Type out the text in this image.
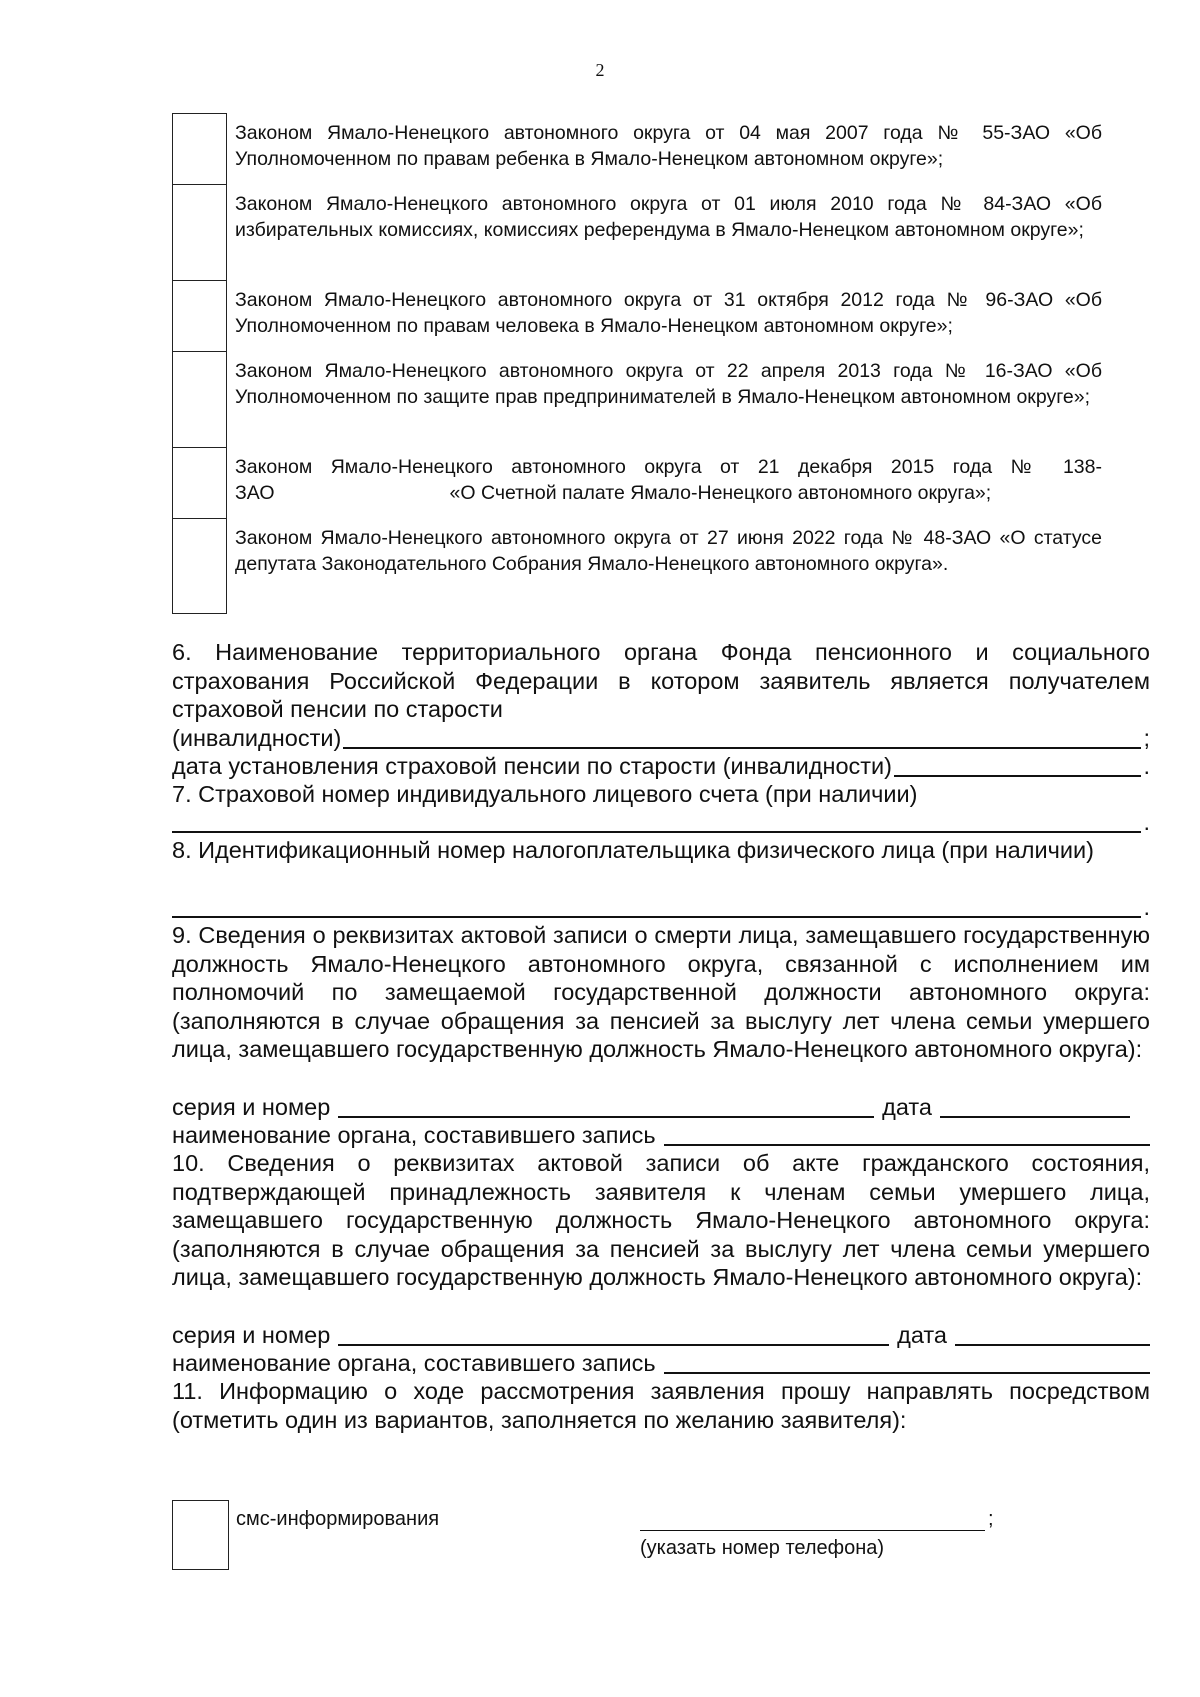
2
Законом Ямало-Ненецкого автономного округа от 04 мая 2007 года № 55-ЗАО «Об Уполномоченном по правам ребенка в Ямало-Ненецком автономном округе»;
Законом Ямало-Ненецкого автономного округа от 01 июля 2010 года № 84-ЗАО «Об избирательных комиссиях, комиссиях референдума в Ямало-Ненецком автономном округе»;
Законом Ямало-Ненецкого автономного округа от 31 октября 2012 года № 96-ЗАО «Об Уполномоченном по правам человека в Ямало-Ненецком автономном округе»;
Законом Ямало-Ненецкого автономного округа от 22 апреля 2013 года № 16-ЗАО «Об Уполномоченном по защите прав предпринимателей в Ямало-Ненецком автономном округе»;
Законом Ямало-Ненецкого автономного округа от 21 декабря 2015 года № 138-
ЗАО	«О Счетной палате Ямало-Ненецкого автономного округа»;
Законом Ямало-Ненецкого автономного округа от 27 июня 2022 года № 48-ЗАО «О статусе депутата Законодательного Собрания Ямало-Ненецкого автономного округа».

6. Наименование территориального органа Фонда пенсионного и социального страхования Российской Федерации в котором заявитель является получателем страховой пенсии по старости

(инвалидности)	;
дата установления страховой пенсии по старости (инвалидности)	.

7. Страховой номер индивидуального лицевого счета (при наличии)

.

8. Идентификационный номер налогоплательщика физического лица (при наличии)

.

9. Сведения о реквизитах актовой записи о смерти лица, замещавшего государственную должность Ямало-Ненецкого автономного округа, связанной с исполнением им полномочий по замещаемой государственной должности автономного округа: (заполняются в случае обращения за пенсией за выслугу лет члена семьи умершего лица, замещавшего государственную должность Ямало-Ненецкого автономного округа):

серия и номер	дата
наименование органа, составившего запись

10. Сведения о реквизитах актовой записи об акте гражданского состояния, подтверждающей принадлежность заявителя к членам семьи умершего лица, замещавшего государственную должность Ямало-Ненецкого автономного округа: (заполняются в случае обращения за пенсией за выслугу лет члена семьи умершего лица, замещавшего государственную должность Ямало-Ненецкого автономного округа):

серия и номер	дата
наименование органа, составившего запись

11. Информацию о ходе рассмотрения заявления прошу направлять посредством (отметить один из вариантов, заполняется по желанию заявителя):

смс-информирования	;
(указать номер телефона)
